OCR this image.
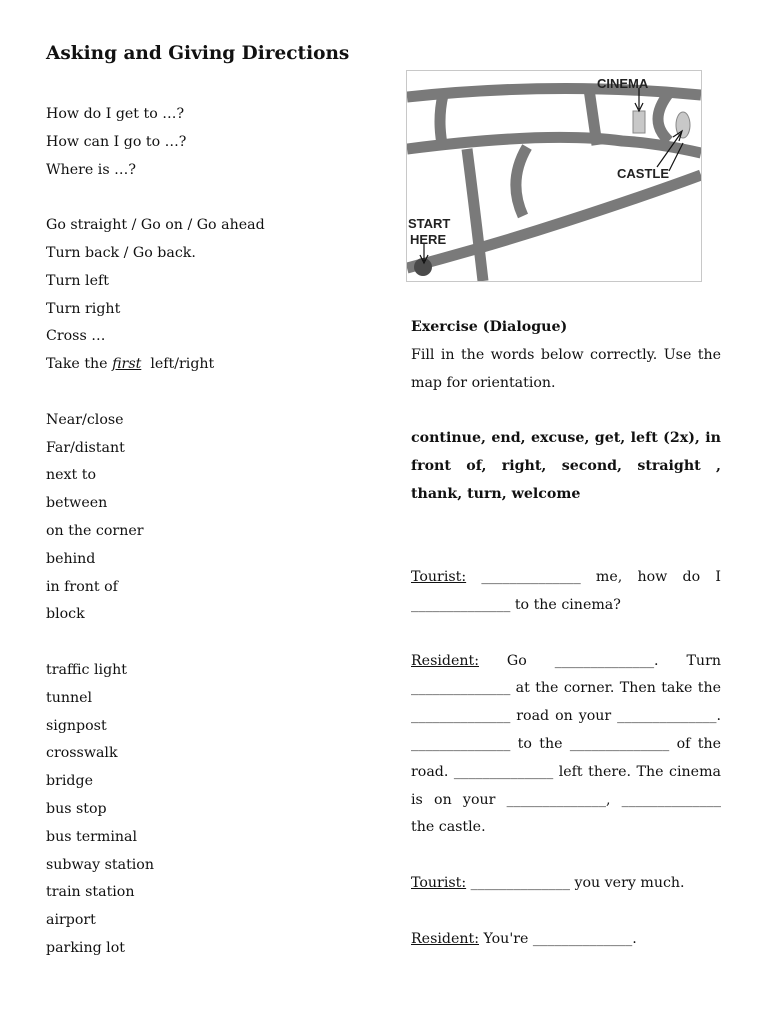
Asking and Giving Directions
How do I get to …?
How can I go to …?
Where is …?
Go straight / Go on / Go ahead
Turn back / Go back.
Turn left
Turn right
Cross …
Take the first  left/right
Near/close
Far/distant
next to
between
on the corner
behind
in front of
block
traffic light
tunnel
signpost
crosswalk
bridge
bus stop
bus terminal
subway station
train station
airport
parking lot
CINEMA
CASTLE
START
HERE

Exercise (Dialogue)

Fill in the words below correctly. Use the map for orientation.

continue, end, excuse, get, left (2x), in front of, right, second, straight , thank, turn, welcome

Tourist: ______________ me, how do I ______________ to the cinema?

Resident: Go ______________. Turn ______________ at the corner. Then take the ______________ road on your ______________. ______________ to the ______________ of the road. ______________ left there. The cinema is on your ______________, ______________ the castle.

Tourist: ______________ you very much.

Resident: You're ______________.
